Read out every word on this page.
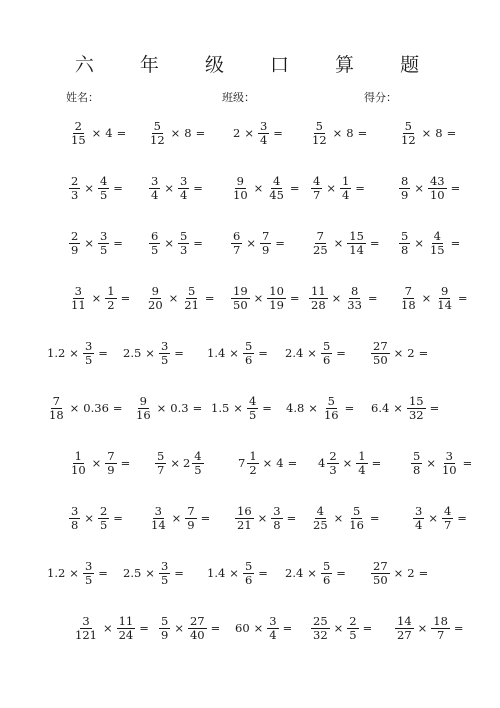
六 年 级 口 算 题
姓名：	班级：	得分：
$\frac{2}{15} \times 4 = \frac{5}{12} \times 8 = 2 \times \frac{3}{4} = \frac{5}{12} \times 8$ =	$\frac{5}{12} \times 8$ =
$\frac{2}{3} \times \frac{4}{5} = \frac{3}{4} \times \frac{3}{4} = \frac{9}{10} \times \frac{4}{45} = \frac{4}{7} \times \frac{1}{4}$ =	$\frac{8}{9} \times \frac{43}{10}$ =
$\frac{2}{9} \times \frac{3}{5} = \frac{6}{5} \times \frac{5}{3} = \frac{6}{7} \times \frac{7}{9} = \frac{7}{25} \times \frac{15}{14} = \frac{5}{8} \times \frac{4}{15}$ =
$\frac{3}{11} \times \frac{1}{2} = \frac{9}{20} \times \frac{5}{21} = \frac{19}{50} \times \frac{10}{19} = \frac{11}{28} \times \frac{8}{33} = \frac{7}{18} \times \frac{9}{14}$ =
$1.2 \times \frac{3}{5} = 2.5 \times \frac{3}{5} = 1.4 \times \frac{5}{6} = 2.4 \times \frac{5}{6} = \frac{27}{50} \times 2$ =
$\frac{7}{18} \times 0.36 = \frac{9}{16} \times 0.3 = 1.5 \times \frac{4}{5} = 4.8 \times \frac{5}{16} = 6.4 \times \frac{15}{32}$ =
$\frac{1}{10} \times \frac{7}{9} = \frac{5}{7} \times 2 \frac{4}{5}$	$7 \frac{1}{2} \times 4 = 4 \frac{2}{3} \times \frac{1}{4}$ =	$\frac{5}{8} \times \frac{3}{10}$ =
$\frac{3}{8} \times \frac{2}{5} = \frac{3}{14} \times \frac{7}{9} = \frac{16}{21} \times \frac{3}{8} = \frac{4}{25} \times \frac{5}{16}$ =	$\frac{3}{4} \times \frac{4}{7}$ =
$1.2 \times \frac{3}{5} = 2.5 \times \frac{3}{5} = 1.4 \times \frac{5}{6} = 2.4 \times \frac{5}{6} = \frac{27}{50} \times 2$ =
$\frac{3}{121} \times \frac{11}{24} = \frac{5}{9} \times \frac{27}{40} = 60 \times \frac{3}{4} = \frac{25}{32} \times \frac{2}{5} = \frac{14}{27} \times \frac{18}{7}$ =
